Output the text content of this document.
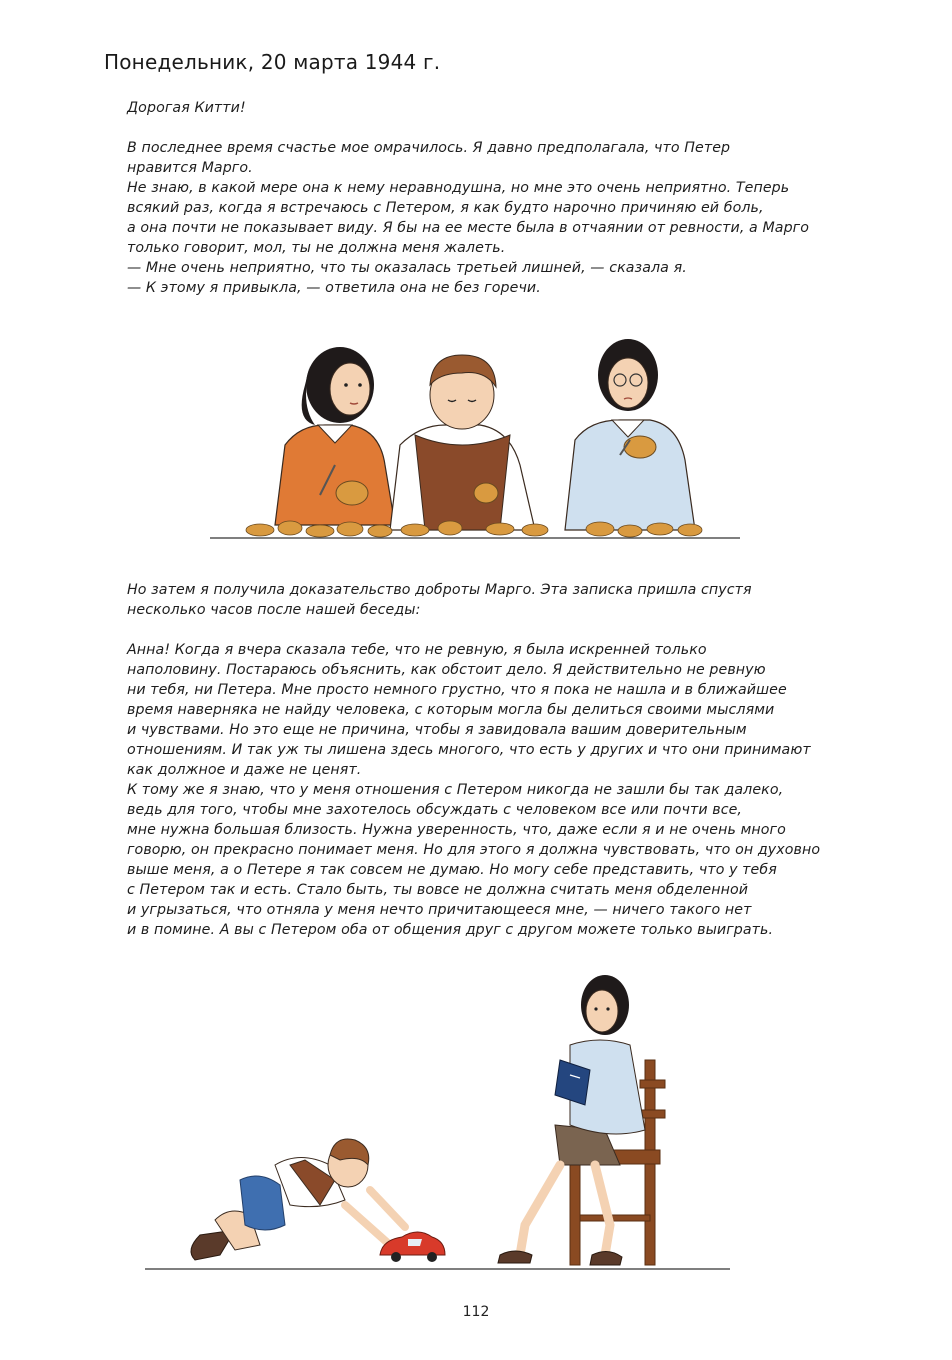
Понедельник, 20 марта 1944 г.
Дорогая Китти!
В последнее время счастье мое омрачилось. Я давно предполагала, что Петер
нравится Марго.
Не знаю, в какой мере она к нему неравнодушна, но мне это очень неприятно. Теперь
всякий раз, когда я встречаюсь с Петером, я как будто нарочно причиняю ей боль,
а она почти не показывает виду. Я бы на ее месте была в отчаянии от ревности, а Марго
только говорит, мол, ты не должна меня жалеть.
— Мне очень неприятно, что ты оказалась третьей лишней, — сказала я.
— К этому я привыкла, — ответила она не без горечи.
Но затем я получила доказательство доброты Марго. Эта записка пришла спустя
несколько часов после нашей беседы:
Анна! Когда я вчера сказала тебе, что не ревную, я была искренней только
наполовину. Постараюсь объяснить, как обстоит дело. Я действительно не ревную
ни тебя, ни Петера. Мне просто немного грустно, что я пока не нашла и в ближайшее
время наверняка не найду человека, с которым могла бы делиться своими мыслями
и чувствами. Но это еще не причина, чтобы я завидовала вашим доверительным
отношениям. И так уж ты лишена здесь многого, что есть у других и что они принимают
как должное и даже не ценят.
К тому же я знаю, что у меня отношения с Петером никогда не зашли бы так далеко,
ведь для того, чтобы мне захотелось обсуждать с человеком все или почти все,
мне нужна большая близость. Нужна уверенность, что, даже если я и не очень много
говорю, он прекрасно понимает меня. Но для этого я должна чувствовать, что он духовно
выше меня, а о Петере я так совсем не думаю. Но могу себе представить, что у тебя
с Петером так и есть. Стало быть, ты вовсе не должна считать меня обделенной
и угрызаться, что отняла у меня нечто причитающееся мне, — ничего такого нет
и в помине. А вы с Петером оба от общения друг с другом можете только выиграть.
112
